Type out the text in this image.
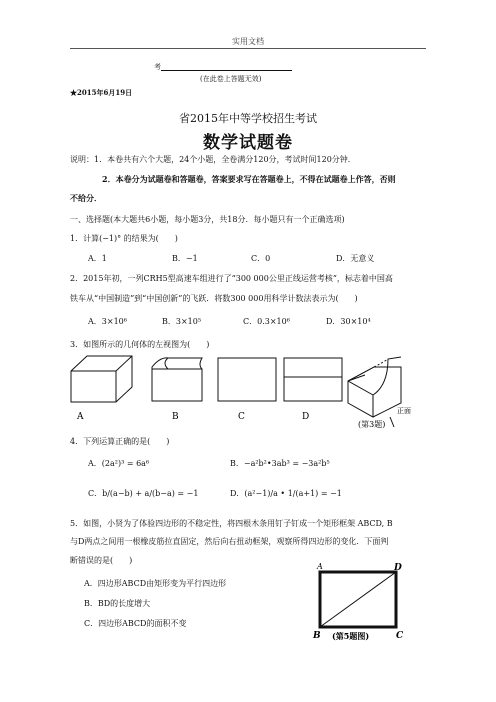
实用文档
考
(在此卷上答题无效)
★2015年6月19日
省2015年中等学校招生考试
数学试题卷
说明：1．本卷共有六个大题，24个小题，全卷满分120分，考试时间120分钟．
2．本卷分为试题卷和答题卷，答案要求写在答题卷上，不得在试题卷上作答，否则
不给分．
一、选择题(本大题共6小题，每小题3分，共18分．每小题只有一个正确选项)
1．计算(−1)° 的结果为(　　)
A．1	B．−1	C．0	D．无意义
2．2015年初，一列CRH5型高速车组进行了“300 000公里正线运营考核”，标志着中国高
铁车从“中国制造”到“中国创新”的飞跃．将数300 000用科学计数法表示为(　　)
A．3×10⁶	B．3×10⁵	C．0.3×10⁶	D．30×10⁴
3．如图所示的几何体的左视图为(　　)
A	B	C	D
正面
(第3题)
4．下列运算正确的是(　　)
A．(2a²)³ = 6a⁶	B．−a²b²•3ab³ = −3a²b⁵
C．b/(a−b) + a/(b−a) = −1	D．(a²−1)/a • 1/(a+1) = −1
5．如图，小贤为了体验四边形的不稳定性，将四根木条用钉子钉成一个矩形框架 ABCD, B
与D两点之间用一根橡皮筋拉直固定，然后向右扭动框架，观察所得四边形的变化．下面判
断错误的是(　　)
A．四边形ABCD由矩形变为平行四边形
B．BD的长度增大
C．四边形ABCD的面积不变
A	D
B	C
(第5题图)
